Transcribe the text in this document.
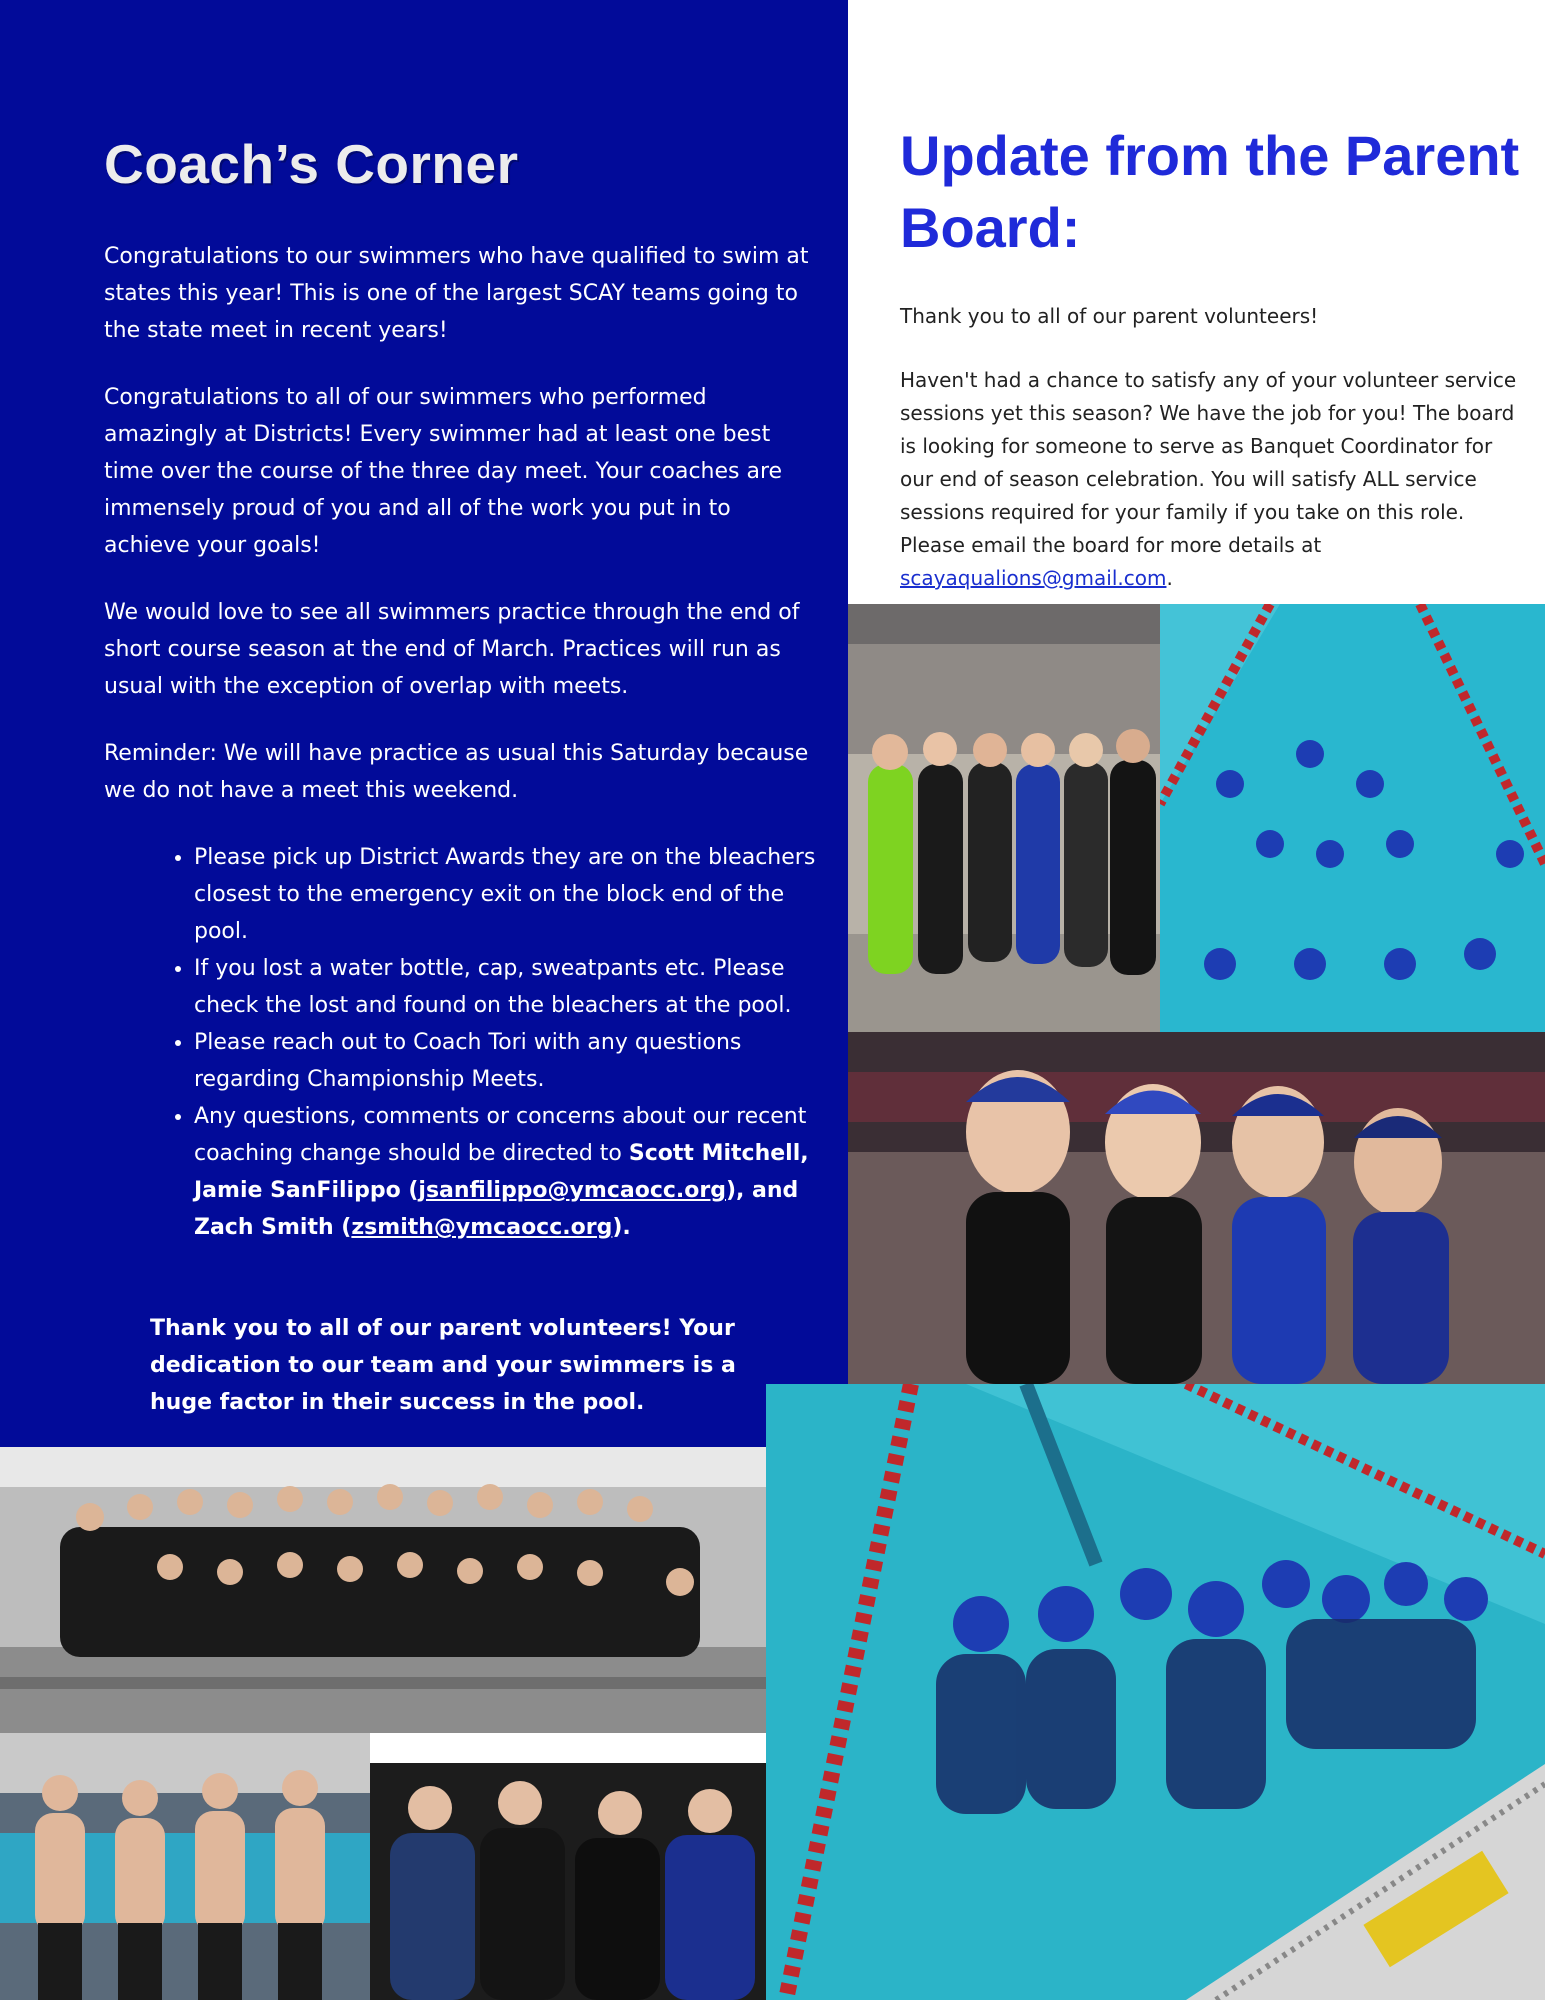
Coach’s Corner

Congratulations to our swimmers who have qualified to swim at states this year! This is one of the largest SCAY teams going to the state meet in recent years!

Congratulations to all of our swimmers who performed amazingly at Districts! Every swimmer had at least one best time over the course of the three day meet. Your coaches are immensely proud of you and all of the work you put in to achieve your goals!

We would love to see all swimmers practice through the end of short course season at the end of March. Practices will run as usual with the exception of overlap with meets.

Reminder: We will have practice as usual this Saturday because we do not have a meet this weekend.

• Please pick up District Awards they are on the bleachers closest to the emergency exit on the block end of the pool.
• If you lost a water bottle, cap, sweatpants etc. Please check the lost and found on the bleachers at the pool.
• Please reach out to Coach Tori with any questions regarding Championship Meets.
• Any questions, comments or concerns about our recent coaching change should be directed to Scott Mitchell, Jamie SanFilippo (jsanfilippo@ymcaocc.org), and Zach Smith (zsmith@ymcaocc.org).

Thank you to all of our parent volunteers! Your dedication to our team and your swimmers is a huge factor in their success in the pool.

Update from the Parent Board:

Thank you to all of our parent volunteers!

Haven't had a chance to satisfy any of your volunteer service sessions yet this season? We have the job for you! The board is looking for someone to serve as Banquet Coordinator for our end of season celebration. You will satisfy ALL service sessions required for your family if you take on this role. Please email the board for more details at scayaqualions@gmail.com.
